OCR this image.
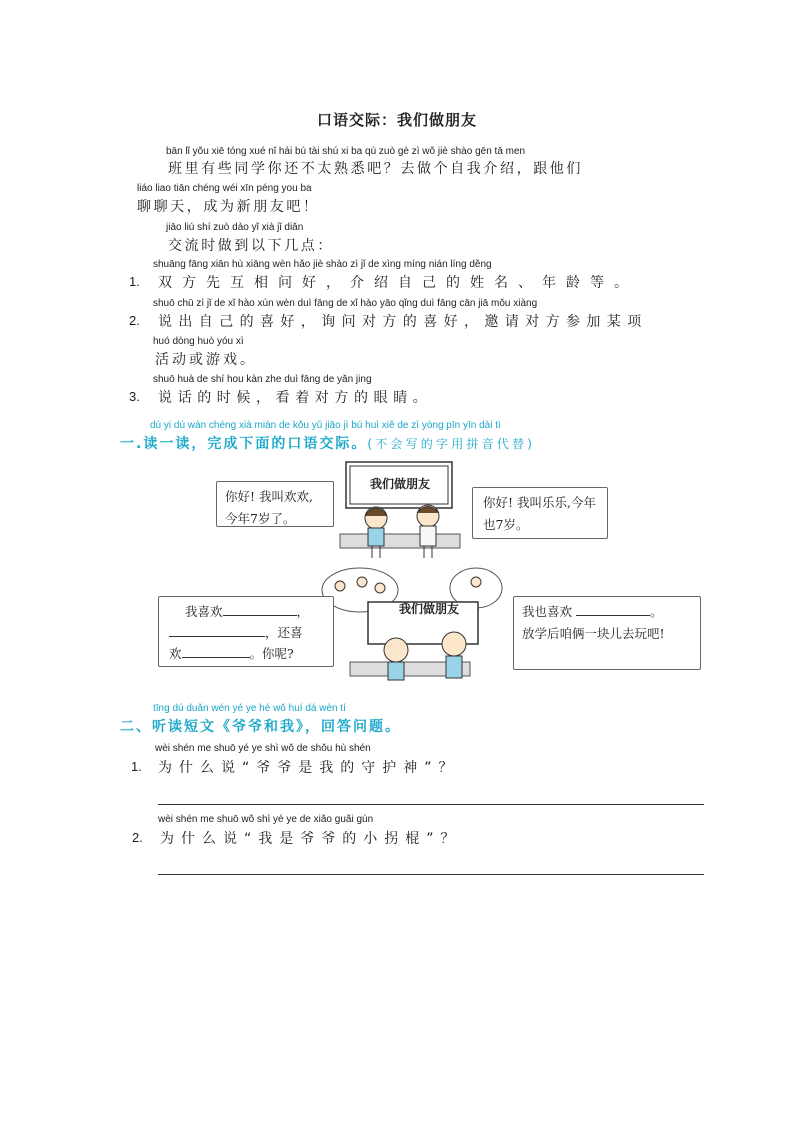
口语交际：我们做朋友
bān lǐ yǒu xiē tóng xué nǐ hái bú tài shú xi ba qù zuò gè zì wǒ jiè shào gēn tā men
班里有些同学你还不太熟悉吧？去做个自我介绍，跟他们
liáo liao tiān chéng wéi xīn péng you ba
聊聊天，成为新朋友吧！
jiāo liú shí zuò dào yǐ xià jǐ diǎn
交流时做到以下几点：
shuāng fāng xiān hù xiāng wèn hǎo jiè shào zì jǐ de xìng míng nián líng děng
1. 双方先互相问好，介绍自己的姓名、年龄等。
shuō chū zì jǐ de xǐ hào xún wèn duì fāng de xǐ hào yāo qǐng duì fāng cān jiā mǒu xiàng
2. 说出自己的喜好，询问对方的喜好，邀请对方参加某项
huó dòng huò yóu xì
活动或游戏。
shuō huà de shí hou kàn zhe duì fāng de yǎn jing
3. 说话的时候，看着对方的眼睛。
dú yi dú wán chéng xià miàn de kǒu yǔ jiāo jì bú huì xiě de zì yòng pīn yīn dài tì
一.读一读，完成下面的口语交际。(不会写的字用拼音代替)
我们做朋友
你好! 我叫欢欢,今年7岁了。
你好! 我叫乐乐,今年也7岁。
我们做朋友
我喜欢	，
，还喜
欢	。你呢?
我也喜欢	。
放学后咱俩一块儿去玩吧!
tīng dú duǎn wén yé ye hé wǒ huí dá wèn tí
二、听读短文《爷爷和我》，回答问题。
wèi shén me shuō yé ye shì wǒ de shǒu hù shén
1. 为什么说“爷爷是我的守护神”？
wèi shén me shuō wǒ shì yé ye de xiǎo guǎi gùn
2. 为什么说“我是爷爷的小拐棍”？
